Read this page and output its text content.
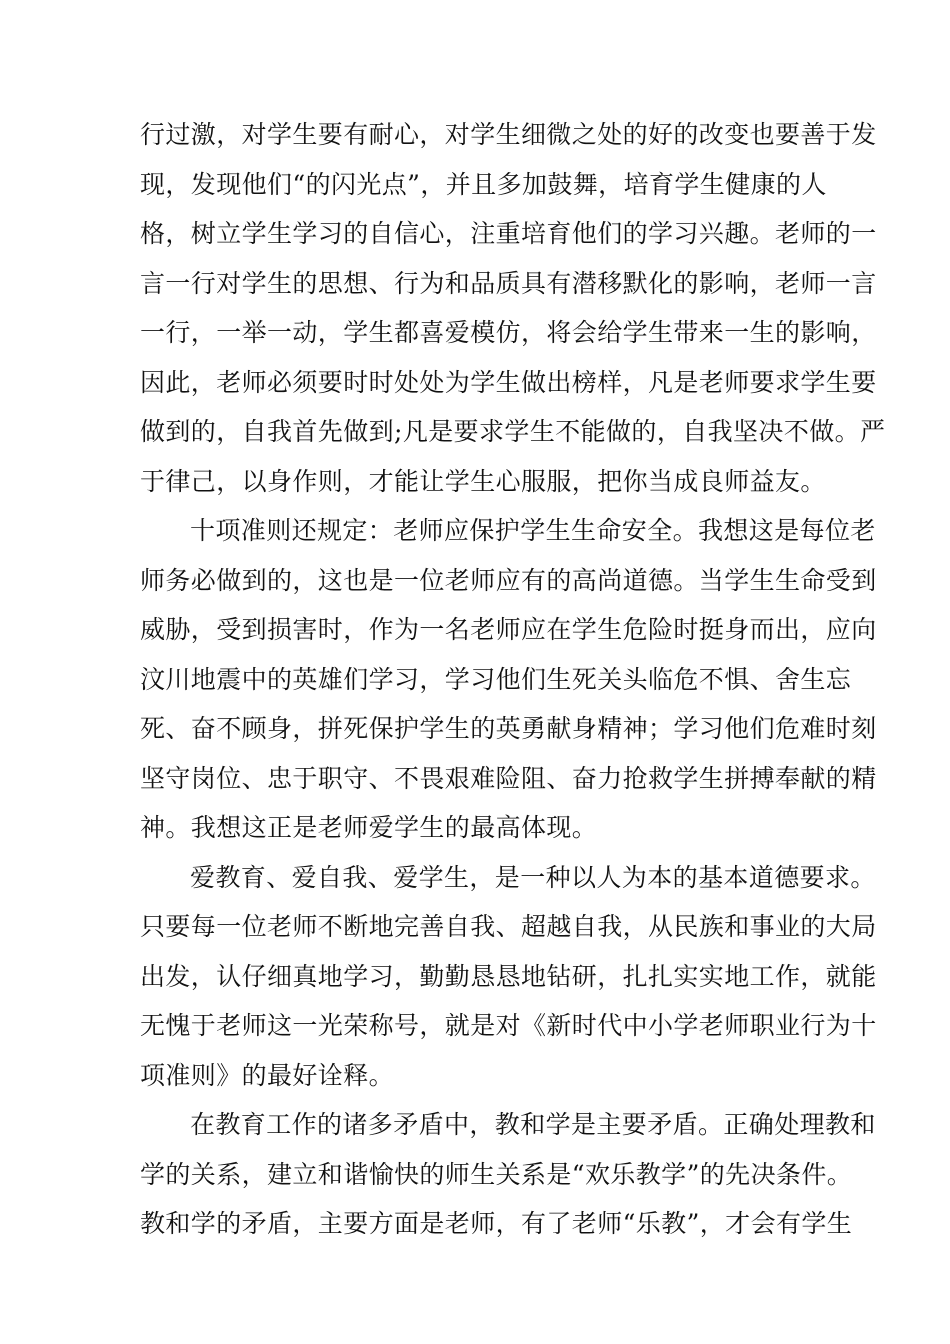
行过激，对学生要有耐心，对学生细微之处的好的改变也要善于发
现，发现他们“的闪光点”，并且多加鼓舞，培育学生健康的人
格，树立学生学习的自信心，注重培育他们的学习兴趣。老师的一
言一行对学生的思想、行为和品质具有潜移默化的影响，老师一言
一行，一举一动，学生都喜爱模仿，将会给学生带来一生的影响，
因此，老师必须要时时处处为学生做出榜样，凡是老师要求学生要
做到的，自我首先做到;凡是要求学生不能做的，自我坚决不做。严
于律己，以身作则，才能让学生心服服，把你当成良师益友。
十项准则还规定：老师应保护学生生命安全。我想这是每位老
师务必做到的，这也是一位老师应有的高尚道德。当学生生命受到
威胁，受到损害时，作为一名老师应在学生危险时挺身而出，应向
汶川地震中的英雄们学习，学习他们生死关头临危不惧、舍生忘
死、奋不顾身，拼死保护学生的英勇献身精神；学习他们危难时刻
坚守岗位、忠于职守、不畏艰难险阻、奋力抢救学生拼搏奉献的精
神。我想这正是老师爱学生的最高体现。
爱教育、爱自我、爱学生，是一种以人为本的基本道德要求。
只要每一位老师不断地完善自我、超越自我，从民族和事业的大局
出发，认仔细真地学习，勤勤恳恳地钻研，扎扎实实地工作，就能
无愧于老师这一光荣称号，就是对《新时代中小学老师职业行为十
项准则》的最好诠释。
在教育工作的诸多矛盾中，教和学是主要矛盾。正确处理教和
学的关系，建立和谐愉快的师生关系是“欢乐教学”的先决条件。
教和学的矛盾，主要方面是老师，有了老师“乐教”，才会有学生
